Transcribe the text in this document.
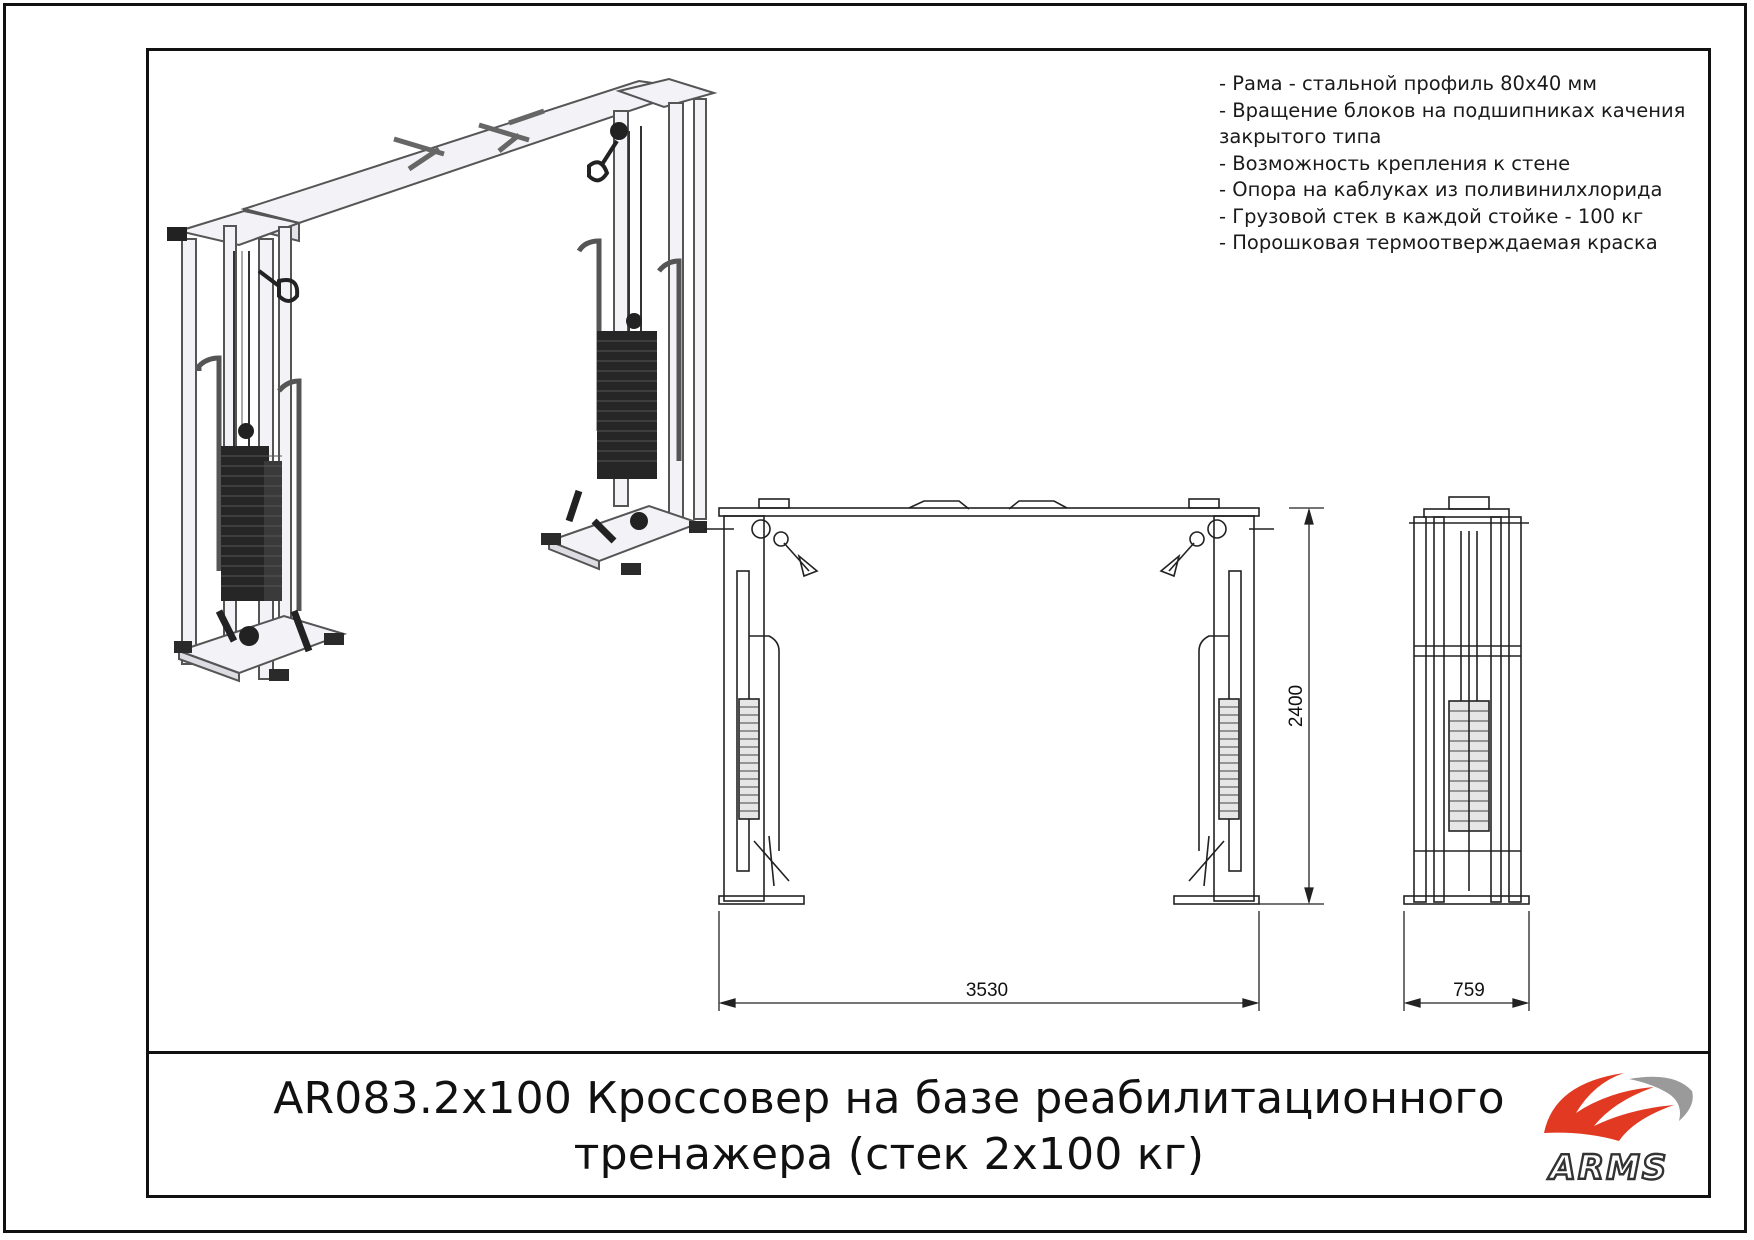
3530
2400
759
- Рама - стальной профиль 80х40 мм
- Вращение блоков на подшипниках качения закрытого типа
- Возможность крепления к стене
- Опора на каблуках из поливинилхлорида
- Грузовой стек в каждой стойке - 100 кг
- Порошковая термоотверждаемая краска
AR083.2х100 Кроссовер на базе реабилитационного
тренажера (стек 2х100 кг)	ARMS
